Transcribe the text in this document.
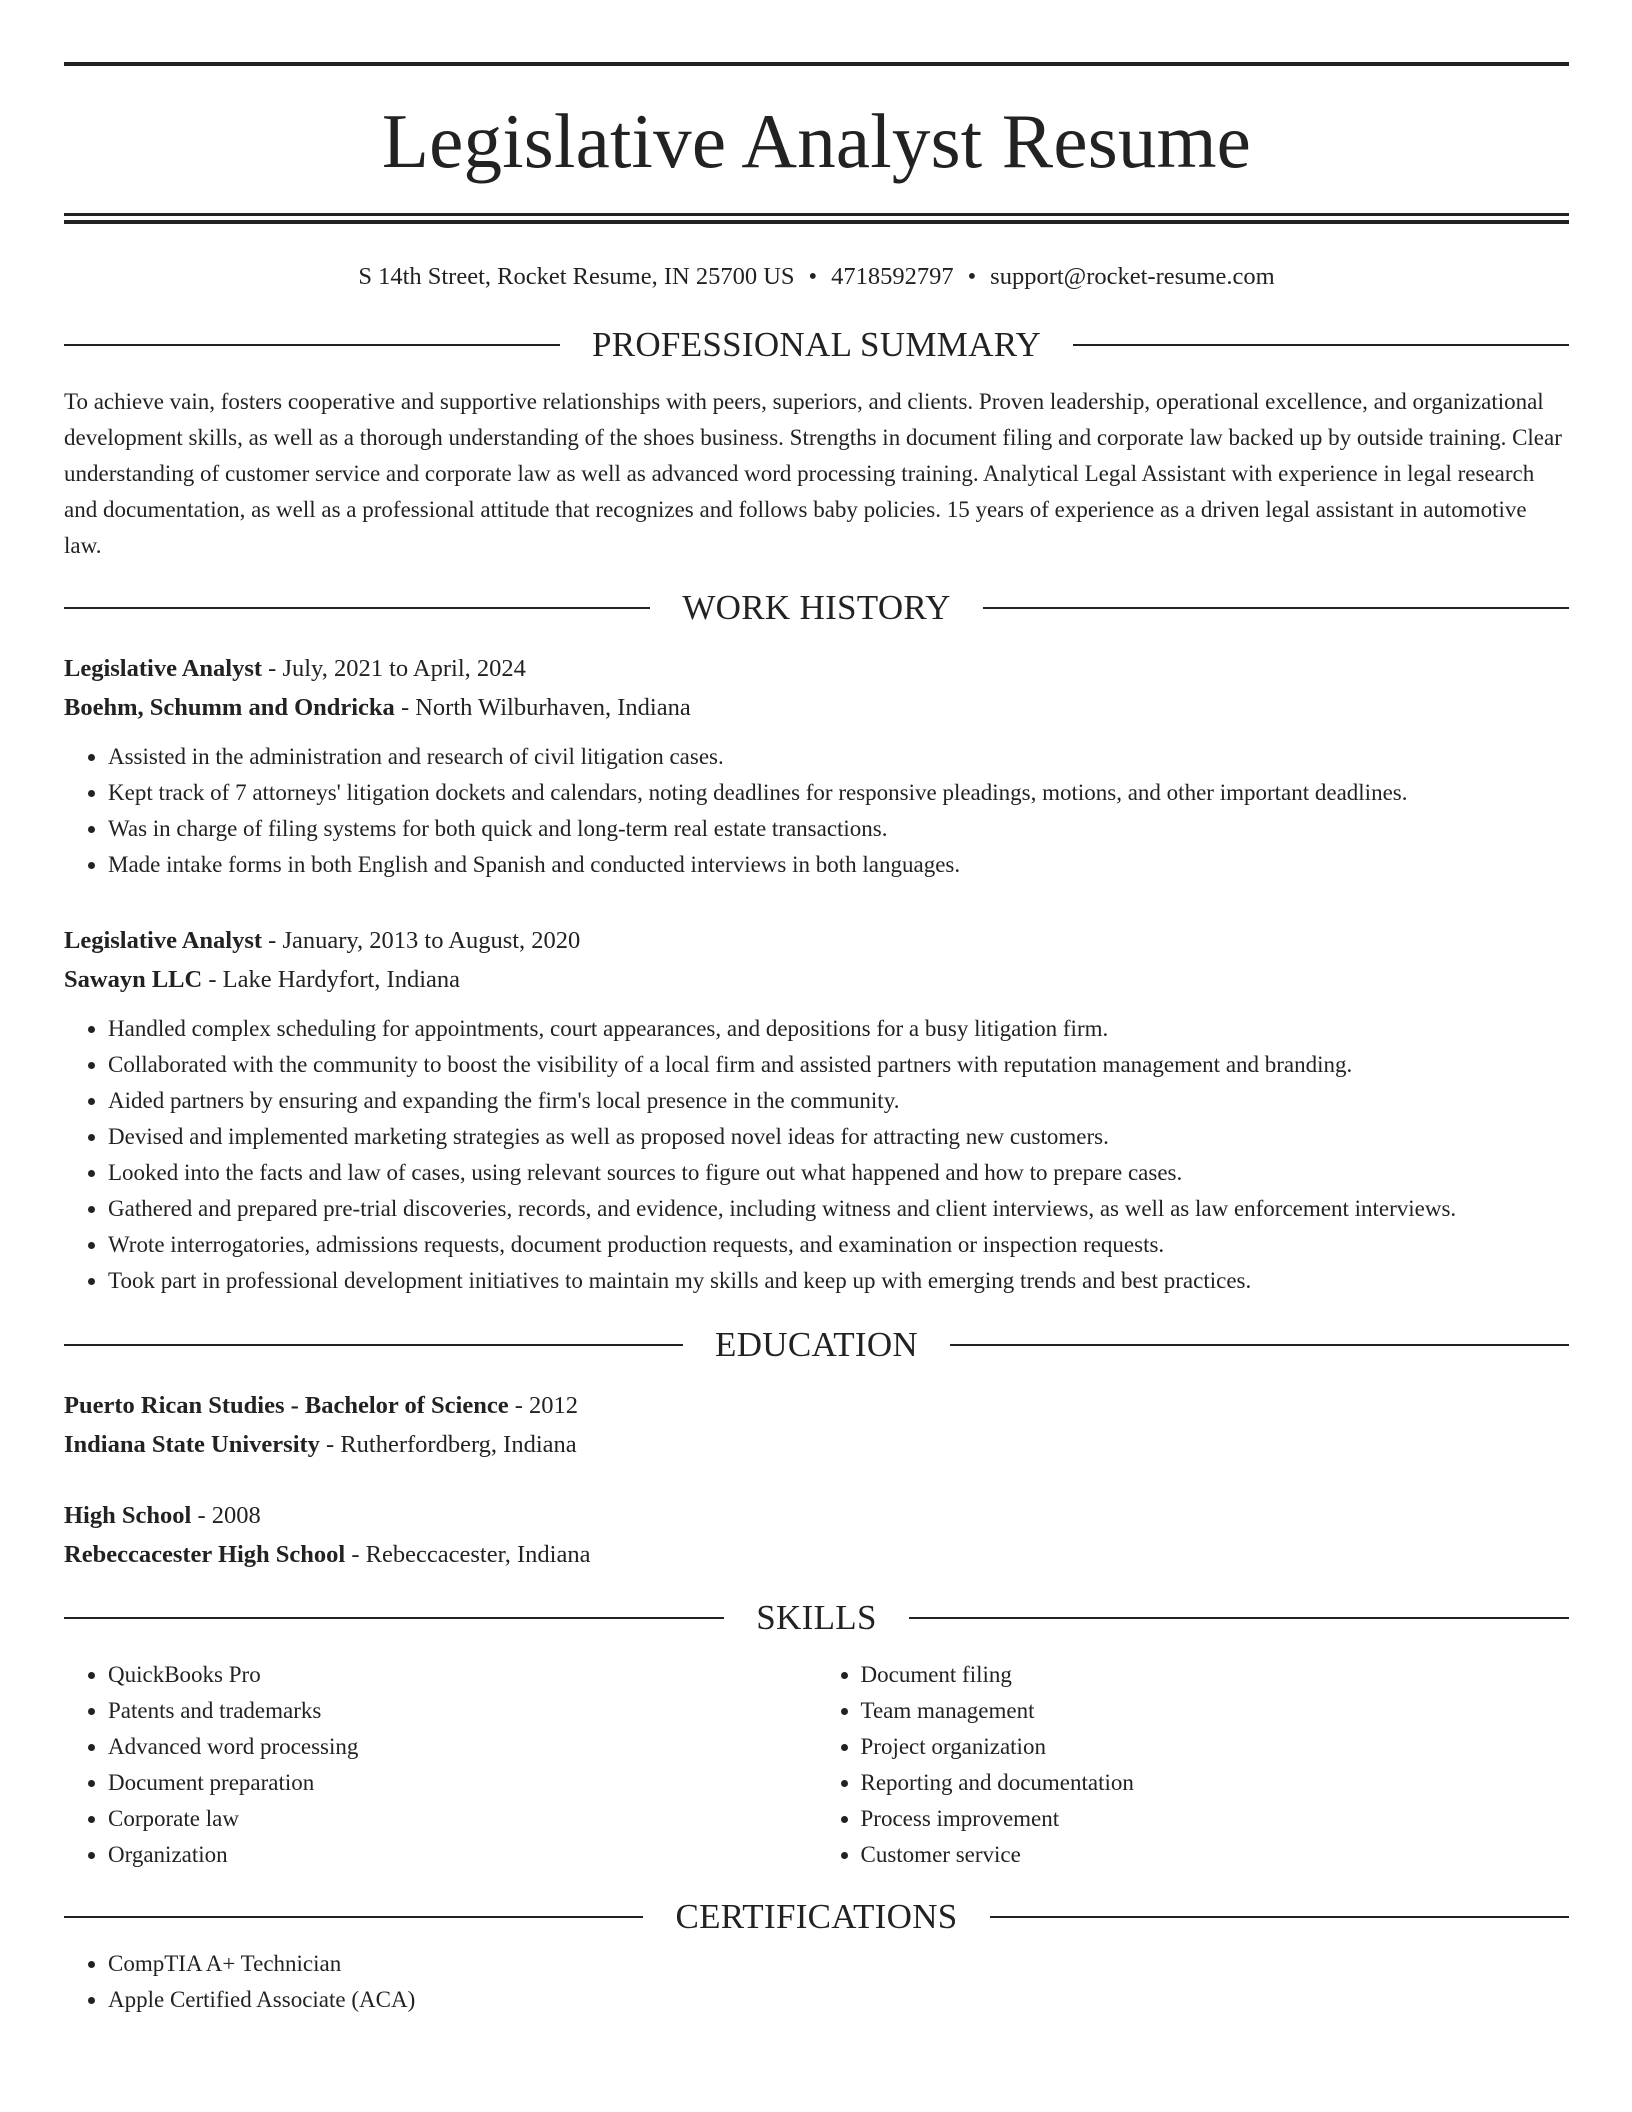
Legislative Analyst Resume
S 14th Street, Rocket Resume, IN 25700 US • 4718592797 • support@rocket-resume.com
PROFESSIONAL SUMMARY

To achieve vain, fosters cooperative and supportive relationships with peers, superiors, and clients. Proven leadership, operational excellence, and organizational development skills, as well as a thorough understanding of the shoes business. Strengths in document filing and corporate law backed up by outside training. Clear understanding of customer service and corporate law as well as advanced word processing training. Analytical Legal Assistant with experience in legal research and documentation, as well as a professional attitude that recognizes and follows baby policies. 15 years of experience as a driven legal assistant in automotive law.

WORK HISTORY
Legislative Analyst - July, 2021 to April, 2024
Boehm, Schumm and Ondricka - North Wilburhaven, Indiana
• Assisted in the administration and research of civil litigation cases.
• Kept track of 7 attorneys' litigation dockets and calendars, noting deadlines for responsive pleadings, motions, and other important deadlines.
• Was in charge of filing systems for both quick and long-term real estate transactions.
• Made intake forms in both English and Spanish and conducted interviews in both languages.
Legislative Analyst - January, 2013 to August, 2020
Sawayn LLC - Lake Hardyfort, Indiana
• Handled complex scheduling for appointments, court appearances, and depositions for a busy litigation firm.
• Collaborated with the community to boost the visibility of a local firm and assisted partners with reputation management and branding.
• Aided partners by ensuring and expanding the firm's local presence in the community.
• Devised and implemented marketing strategies as well as proposed novel ideas for attracting new customers.
• Looked into the facts and law of cases, using relevant sources to figure out what happened and how to prepare cases.
• Gathered and prepared pre-trial discoveries, records, and evidence, including witness and client interviews, as well as law enforcement interviews.
• Wrote interrogatories, admissions requests, document production requests, and examination or inspection requests.
• Took part in professional development initiatives to maintain my skills and keep up with emerging trends and best practices.
EDUCATION
Puerto Rican Studies - Bachelor of Science - 2012
Indiana State University - Rutherfordberg, Indiana
High School - 2008
Rebeccacester High School - Rebeccacester, Indiana
SKILLS
• QuickBooks Pro
• Patents and trademarks
• Advanced word processing
• Document preparation
• Corporate law
• Organization
• Document filing
• Team management
• Project organization
• Reporting and documentation
• Process improvement
• Customer service
CERTIFICATIONS
• CompTIA A+ Technician
• Apple Certified Associate (ACA)
